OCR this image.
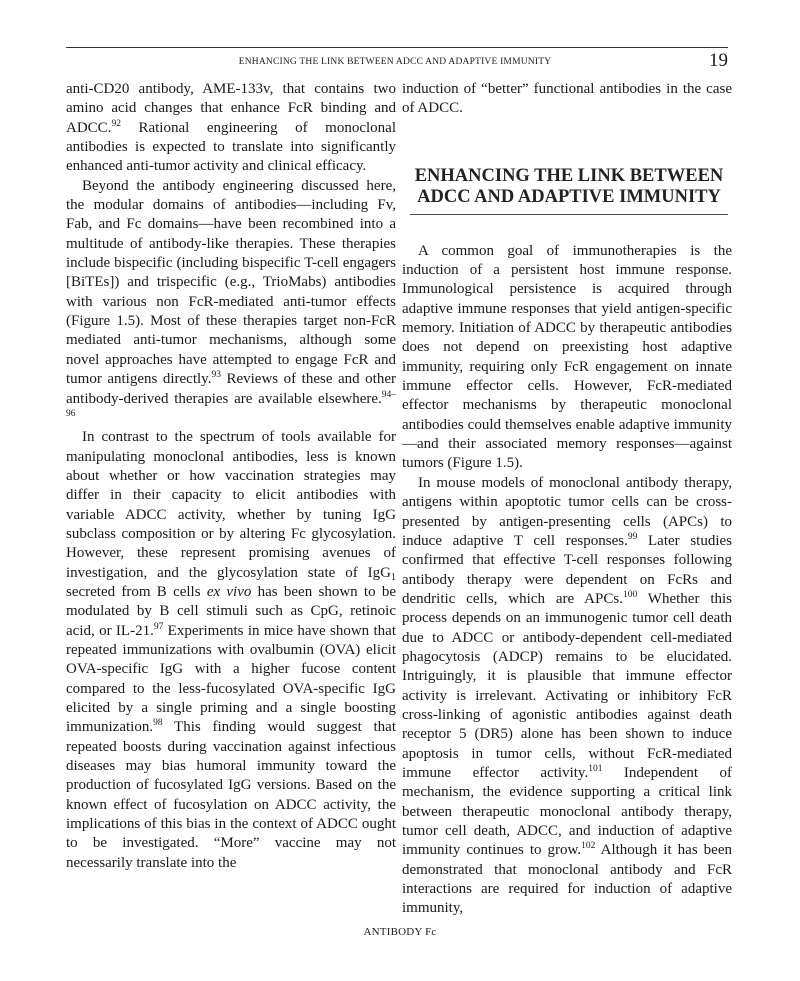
ENHANCING THE LINK BETWEEN ADCC AND ADAPTIVE IMMUNITY	19

anti-CD20 antibody, AME-133v, that contains two amino acid changes that enhance FcR binding and ADCC.$^{92}$ Rational engineering of monoclonal antibodies is expected to translate into significantly enhanced anti-tumor activity and clinical efficacy.

Beyond the antibody engineering discussed here, the modular domains of antibodies—including Fv, Fab, and Fc domains—have been recombined into a multitude of antibody-like therapies. These therapies include bispecific (including bispecific T-cell engagers [BiTEs]) and trispecific (e.g., TrioMabs) antibodies with various non FcR-mediated anti-tumor effects (Figure 1.5). Most of these therapies target non-FcR mediated anti-tumor mechanisms, although some novel approaches have attempted to engage FcR and tumor antigens directly.$^{93}$ Reviews of these and other antibody-derived therapies are available elsewhere.$^{94-96}$

In contrast to the spectrum of tools available for manipulating monoclonal antibodies, less is known about whether or how vaccination strategies may differ in their capacity to elicit antibodies with variable ADCC activity, whether by tuning IgG subclass composition or by altering Fc glycosylation. However, these represent promising avenues of investigation, and the glycosylation state of IgG$_1$ secreted from B cells ex vivo has been shown to be modulated by B cell stimuli such as CpG, retinoic acid, or IL-21.97 Experiments in mice have shown that repeated immunizations with ovalbumin (OVA) elicit OVA-specific IgG with a higher fucose content compared to the less-fucosylated OVA-specific IgG elicited by a single priming and a single boosting immunization.$^{98}$ This finding would suggest that repeated boosts during vaccination against infectious diseases may bias humoral immunity toward the production of fucosylated IgG versions. Based on the known effect of fucosylation on ADCC activity, the implications of this bias in the context of ADCC ought to be investigated. “More” vaccine may not necessarily translate into the

induction of “better” functional antibodies in the case of ADCC.

ENHANCING THE LINK BETWEEN ADCC AND ADAPTIVE IMMUNITY

A common goal of immunotherapies is the induction of a persistent host immune response. Immunological persistence is acquired through adaptive immune responses that yield antigen-specific memory. Initiation of ADCC by therapeutic antibodies does not depend on preexisting host adaptive immunity, requiring only FcR engagement on innate immune effector cells. However, FcR-mediated effector mechanisms by therapeutic monoclonal antibodies could themselves enable adaptive immunity—and their associated memory responses—against tumors (Figure 1.5).

In mouse models of monoclonal antibody therapy, antigens within apoptotic tumor cells can be cross-presented by antigen-presenting cells (APCs) to induce adaptive T cell responses.$^{99}$ Later studies confirmed that effective T-cell responses following antibody therapy were dependent on FcRs and dendritic cells, which are APCs.$^{100}$ Whether this process depends on an immunogenic tumor cell death due to ADCC or antibody-dependent cell-mediated phagocytosis (ADCP) remains to be elucidated. Intriguingly, it is plausible that immune effector activity is irrelevant. Activating or inhibitory FcR cross-linking of agonistic antibodies against death receptor 5 (DR5) alone has been shown to induce apoptosis in tumor cells, without FcR-mediated immune effector activity.$^{101}$ Independent of mechanism, the evidence supporting a critical link between therapeutic monoclonal antibody therapy, tumor cell death, ADCC, and induction of adaptive immunity continues to grow.$^{102}$ Although it has been demonstrated that monoclonal antibody and FcR interactions are required for induction of adaptive immunity,

ANTIBODY Fc
